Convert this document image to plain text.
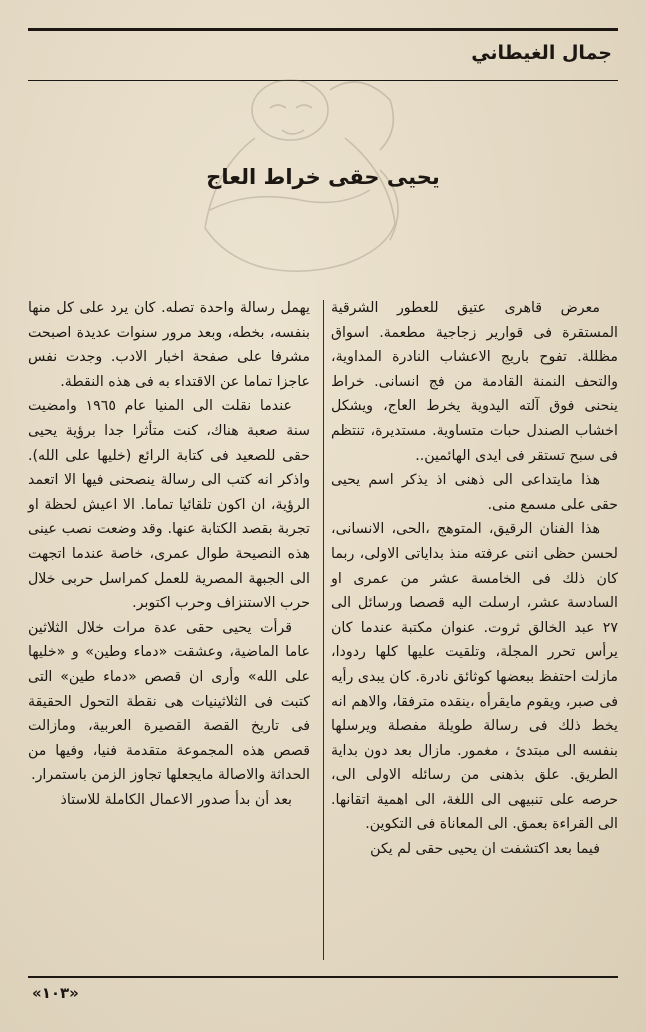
جمال الغيطاني
يحيى حقى خراط العاج

معرض قاهرى عتيق للعطور الشرقية المستقرة فى قوارير زجاجية مطعمة. اسواق مظللة. تفوح باريج الاعشاب النادرة المداوية، والتحف النمنة القادمة من فج انسانى. خراط ينحنى فوق آلته اليدوية يخرط العاج، ويشكل اخشاب الصندل حبات متساوية. مستديرة، تنتظم فى سبح تستقر فى ايدى الهائمين..

هذا مايتداعى الى ذهنى اذ يذكر اسم يحيى حقى على مسمع منى.

هذا الفنان الرقيق، المتوهج ،الحى، الانسانى، لحسن حظى اننى عرفته منذ بداياتى الاولى، ربما كان ذلك فى الخامسة عشر من عمرى او السادسة عشر، ارسلت اليه قصصا ورسائل الى ٢٧ عبد الخالق ثروت. عنوان مكتبة عندما كان يرأس تحرر المجلة، وتلقيت عليها كلها ردودا، مازلت احتفظ ببعضها كوثائق نادرة. كان يبدى رأيه فى صبر، ويقوم مايقرأه ،ينقده مترفقا، والاهم انه يخط ذلك فى رسالة طويلة مفصلة ويرسلها بنفسه الى مبتدئ ، مغمور. مازال بعد دون بداية الطريق. علق بذهنى من رسائله الاولى الى، حرصه على تنبيهى الى اللغة، الى اهمية اتقانها. الى القراءة بعمق. الى المعاناة فى التكوين.

فيما بعد اكتشفت ان يحيى حقى لم يكن

يهمل رسالة واحدة تصله. كان يرد على كل منها بنفسه، بخطه، وبعد مرور سنوات عديدة اصبحت مشرفا على صفحة اخبار الادب. وجدت نفس عاجزا تماما عن الاقتداء به فى هذه النقطة.

عندما نقلت الى المنيا عام ١٩٦٥ وامضيت سنة صعبة هناك، كنت متأثرا جدا برؤية يحيى حقى للصعيد فى كتابة الرائع (خليها على الله). واذكر انه كتب الى رسالة ينصحنى فيها الا اتعمد الرؤية، ان اكون تلقائيا تماما. الا اعيش لحظة او تجربة بقصد الكتابة عنها. وقد وضعت نصب عينى هذه النصيحة طوال عمرى، خاصة عندما اتجهت الى الجبهة المصرية للعمل كمراسل حربى خلال حرب الاستنزاف وحرب اكتوبر.

قرأت يحيى حقى عدة مرات خلال الثلاثين عاما الماضية، وعشقت «دماء وطين» و «خليها على الله» وأرى ان قصص «دماء طين» التى كتبت فى الثلاثينيات هى نقطة التحول الحقيقة فى تاريخ القصة القصيرة العربية، ومازالت قصص هذه المجموعة متقدمة فنيا، وفيها من الحداثة والاصالة مايجعلها تجاوز الزمن باستمرار.

بعد أن بدأ صدور الاعمال الكاملة للاستاذ

«١٠٣»
